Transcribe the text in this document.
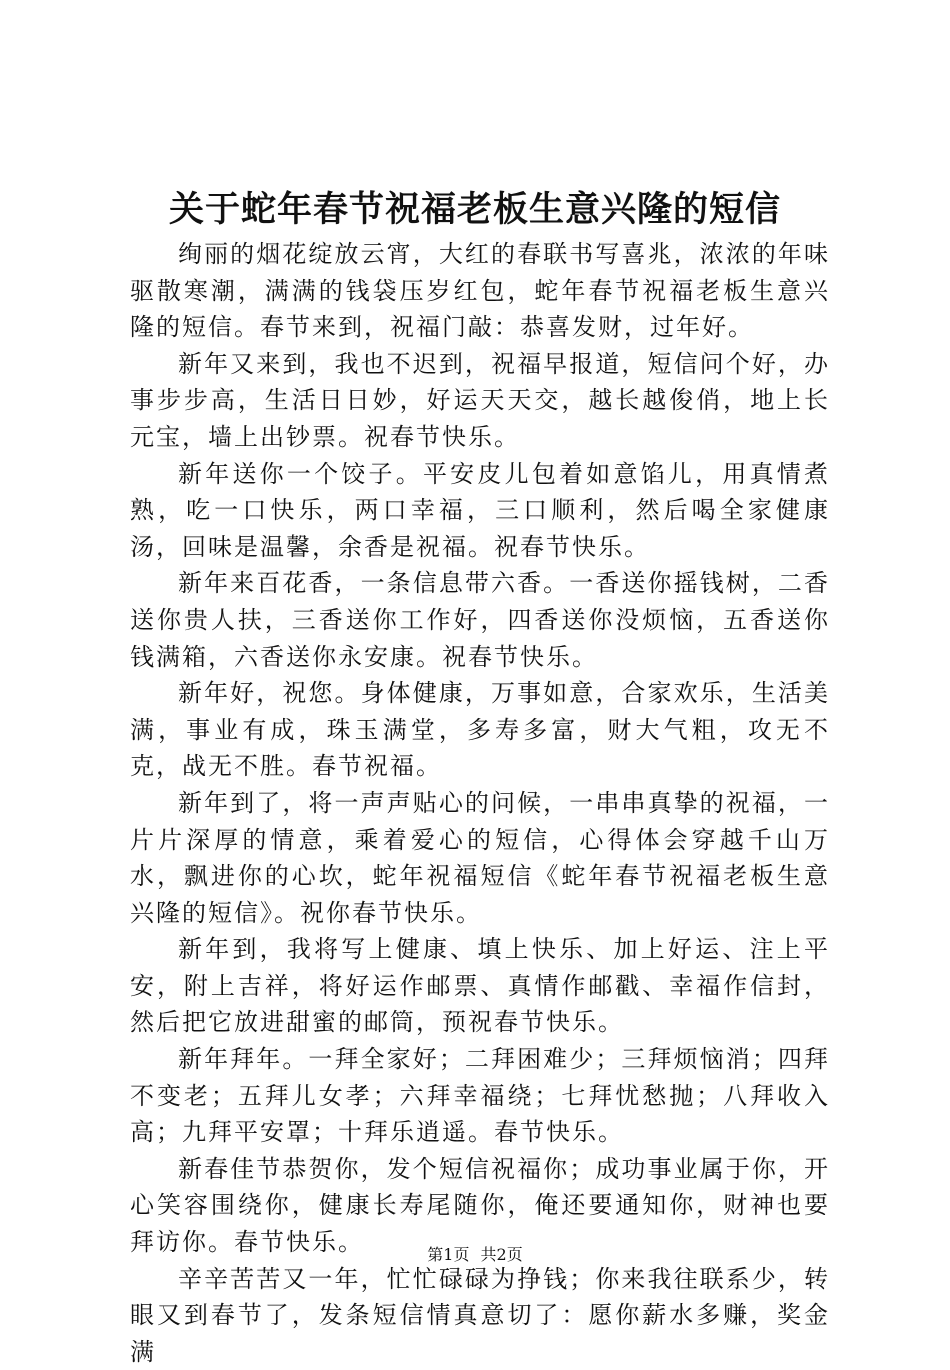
关于蛇年春节祝福老板生意兴隆的短信

绚丽的烟花绽放云宵，大红的春联书写喜兆，浓浓的年味驱散寒潮，满满的钱袋压岁红包，蛇年春节祝福老板生意兴隆的短信。春节来到，祝福门敲：恭喜发财，过年好。

新年又来到，我也不迟到，祝福早报道，短信问个好，办事步步高，生活日日妙，好运天天交，越长越俊俏，地上长元宝，墙上出钞票。祝春节快乐。

新年送你一个饺子。平安皮儿包着如意馅儿，用真情煮熟，吃一口快乐，两口幸福，三口顺利，然后喝全家健康汤，回味是温馨，余香是祝福。祝春节快乐。

新年来百花香，一条信息带六香。一香送你摇钱树，二香送你贵人扶，三香送你工作好，四香送你没烦恼，五香送你钱满箱，六香送你永安康。祝春节快乐。

新年好，祝您。身体健康，万事如意，合家欢乐，生活美满，事业有成，珠玉满堂，多寿多富，财大气粗，攻无不克，战无不胜。春节祝福。

新年到了，将一声声贴心的问候，一串串真挚的祝福，一片片深厚的情意，乘着爱心的短信，心得体会穿越千山万水，飘进你的心坎，蛇年祝福短信《蛇年春节祝福老板生意兴隆的短信》。祝你春节快乐。

新年到，我将写上健康、填上快乐、加上好运、注上平安，附上吉祥，将好运作邮票、真情作邮戳、幸福作信封，然后把它放进甜蜜的邮筒，预祝春节快乐。

新年拜年。一拜全家好；二拜困难少；三拜烦恼消；四拜不变老；五拜儿女孝；六拜幸福绕；七拜忧愁抛；八拜收入高；九拜平安罩；十拜乐逍遥。春节快乐。

新春佳节恭贺你，发个短信祝福你；成功事业属于你，开心笑容围绕你，健康长寿尾随你，俺还要通知你，财神也要拜访你。春节快乐。

辛辛苦苦又一年，忙忙碌碌为挣钱；你来我往联系少，转眼又到春节了，发条短信情真意切了：愿你薪水多赚，奖金满

第1页 共2页
